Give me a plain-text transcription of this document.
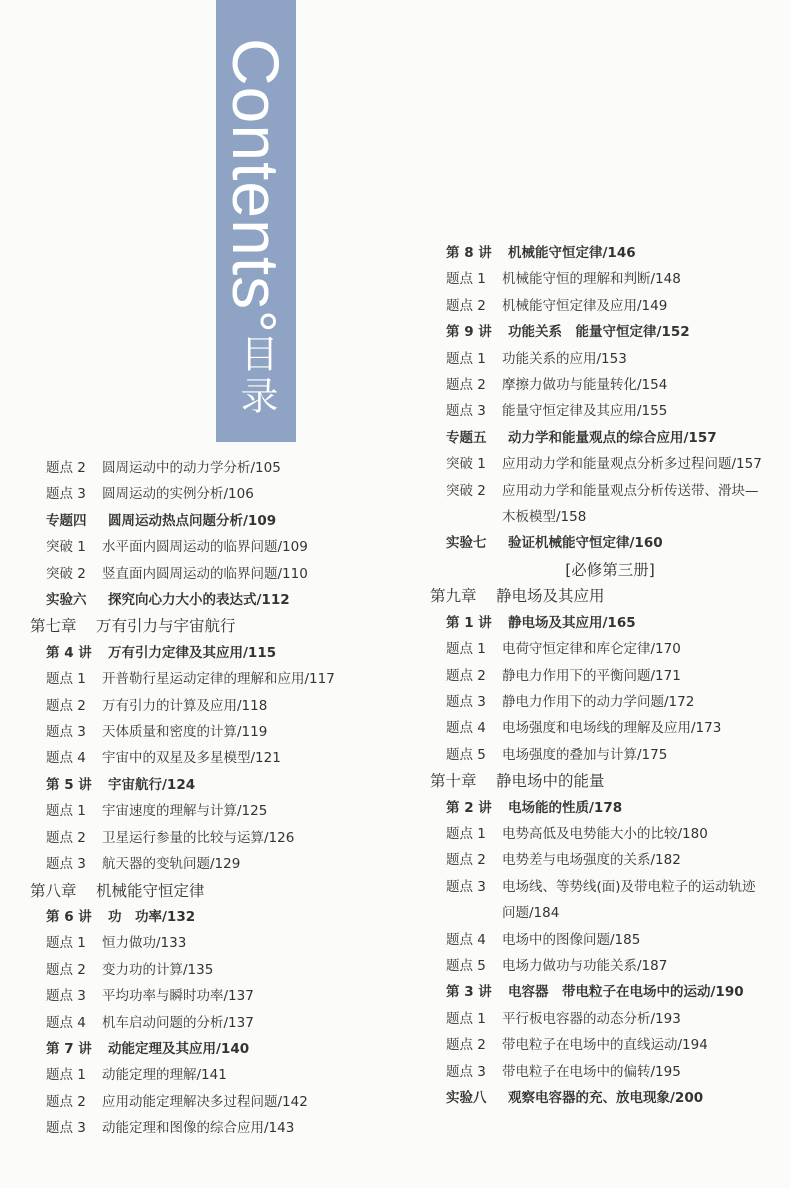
Contents°
目录
题点 2	圆周运动中的动力学分析/105
题点 3	圆周运动的实例分析/106
专题四	圆周运动热点问题分析/109
突破 1	水平面内圆周运动的临界问题/109
突破 2	竖直面内圆周运动的临界问题/110
实验六	探究向心力大小的表达式/112
第七章	万有引力与宇宙航行
第 4 讲	万有引力定律及其应用/115
题点 1	开普勒行星运动定律的理解和应用/117
题点 2	万有引力的计算及应用/118
题点 3	天体质量和密度的计算/119
题点 4	宇宙中的双星及多星模型/121
第 5 讲	宇宙航行/124
题点 1	宇宙速度的理解与计算/125
题点 2	卫星运行参量的比较与运算/126
题点 3	航天器的变轨问题/129
第八章	机械能守恒定律
第 6 讲	功　功率/132
题点 1	恒力做功/133
题点 2	变力功的计算/135
题点 3	平均功率与瞬时功率/137
题点 4	机车启动问题的分析/137
第 7 讲	动能定理及其应用/140
题点 1	动能定理的理解/141
题点 2	应用动能定理解决多过程问题/142
题点 3	动能定理和图像的综合应用/143
第 8 讲	机械能守恒定律/146
题点 1	机械能守恒的理解和判断/148
题点 2	机械能守恒定律及应用/149
第 9 讲	功能关系　能量守恒定律/152
题点 1	功能关系的应用/153
题点 2	摩擦力做功与能量转化/154
题点 3	能量守恒定律及其应用/155
专题五	动力学和能量观点的综合应用/157
突破 1	应用动力学和能量观点分析多过程问题/157
突破 2	应用动力学和能量观点分析传送带、滑块—
木板模型/158
实验七	验证机械能守恒定律/160
[必修第三册]
第九章	静电场及其应用
第 1 讲	静电场及其应用/165
题点 1	电荷守恒定律和库仑定律/170
题点 2	静电力作用下的平衡问题/171
题点 3	静电力作用下的动力学问题/172
题点 4	电场强度和电场线的理解及应用/173
题点 5	电场强度的叠加与计算/175
第十章	静电场中的能量
第 2 讲	电场能的性质/178
题点 1	电势高低及电势能大小的比较/180
题点 2	电势差与电场强度的关系/182
题点 3	电场线、等势线(面)及带电粒子的运动轨迹
问题/184
题点 4	电场中的图像问题/185
题点 5	电场力做功与功能关系/187
第 3 讲	电容器　带电粒子在电场中的运动/190
题点 1	平行板电容器的动态分析/193
题点 2	带电粒子在电场中的直线运动/194
题点 3	带电粒子在电场中的偏转/195
实验八	观察电容器的充、放电现象/200
